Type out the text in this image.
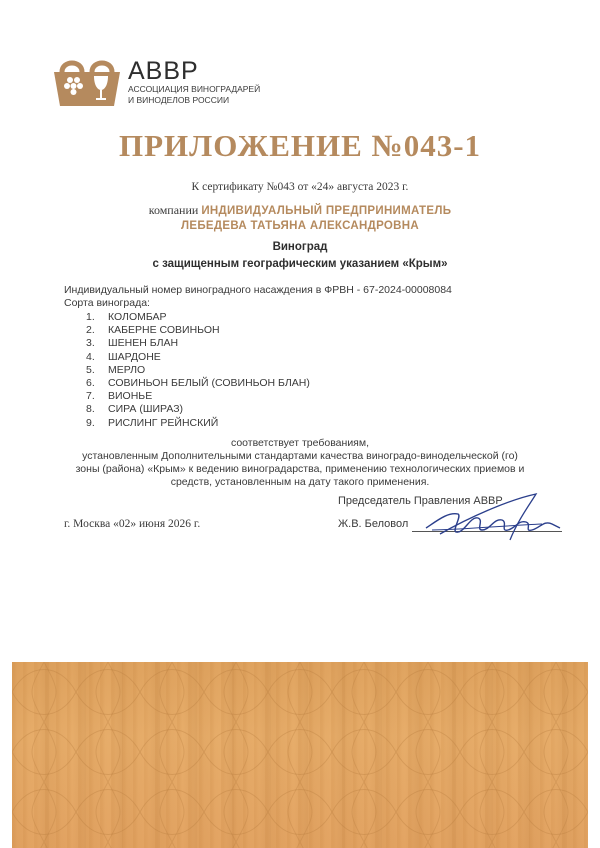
АВВР
АССОЦИАЦИЯ ВИНОГРАДАРЕЙ
И ВИНОДЕЛОВ РОССИИ
ПРИЛОЖЕНИЕ №043-1
К сертификату №043 от «24» августа 2023 г.
компании ИНДИВИДУАЛЬНЫЙ ПРЕДПРИНИМАТЕЛЬ
ЛЕБЕДЕВА ТАТЬЯНА АЛЕКСАНДРОВНА
Виноград
с защищенным географическим указанием «Крым»
Индивидуальный номер виноградного насаждения в ФРВН - 67-2024-00008084
Сорта винограда:
1. КОЛОМБАР
2. КАБЕРНЕ СОВИНЬОН
3. ШЕНЕН БЛАН
4. ШАРДОНЕ
5. МЕРЛО
6. СОВИНЬОН БЕЛЫЙ (СОВИНЬОН БЛАН)
7. ВИОНЬЕ
8. СИРА (ШИРАЗ)
9. РИСЛИНГ РЕЙНСКИЙ
соответствует требованиям,
установленным Дополнительными стандартами качества виноградо-винодельческой (го)
зоны (района) «Крым» к ведению виноградарства, применению технологических приемов и
средств, установленным на дату такого применения.
Председатель Правления АВВР
г. Москва «02» июня 2026 г.	Ж.В. Беловол
